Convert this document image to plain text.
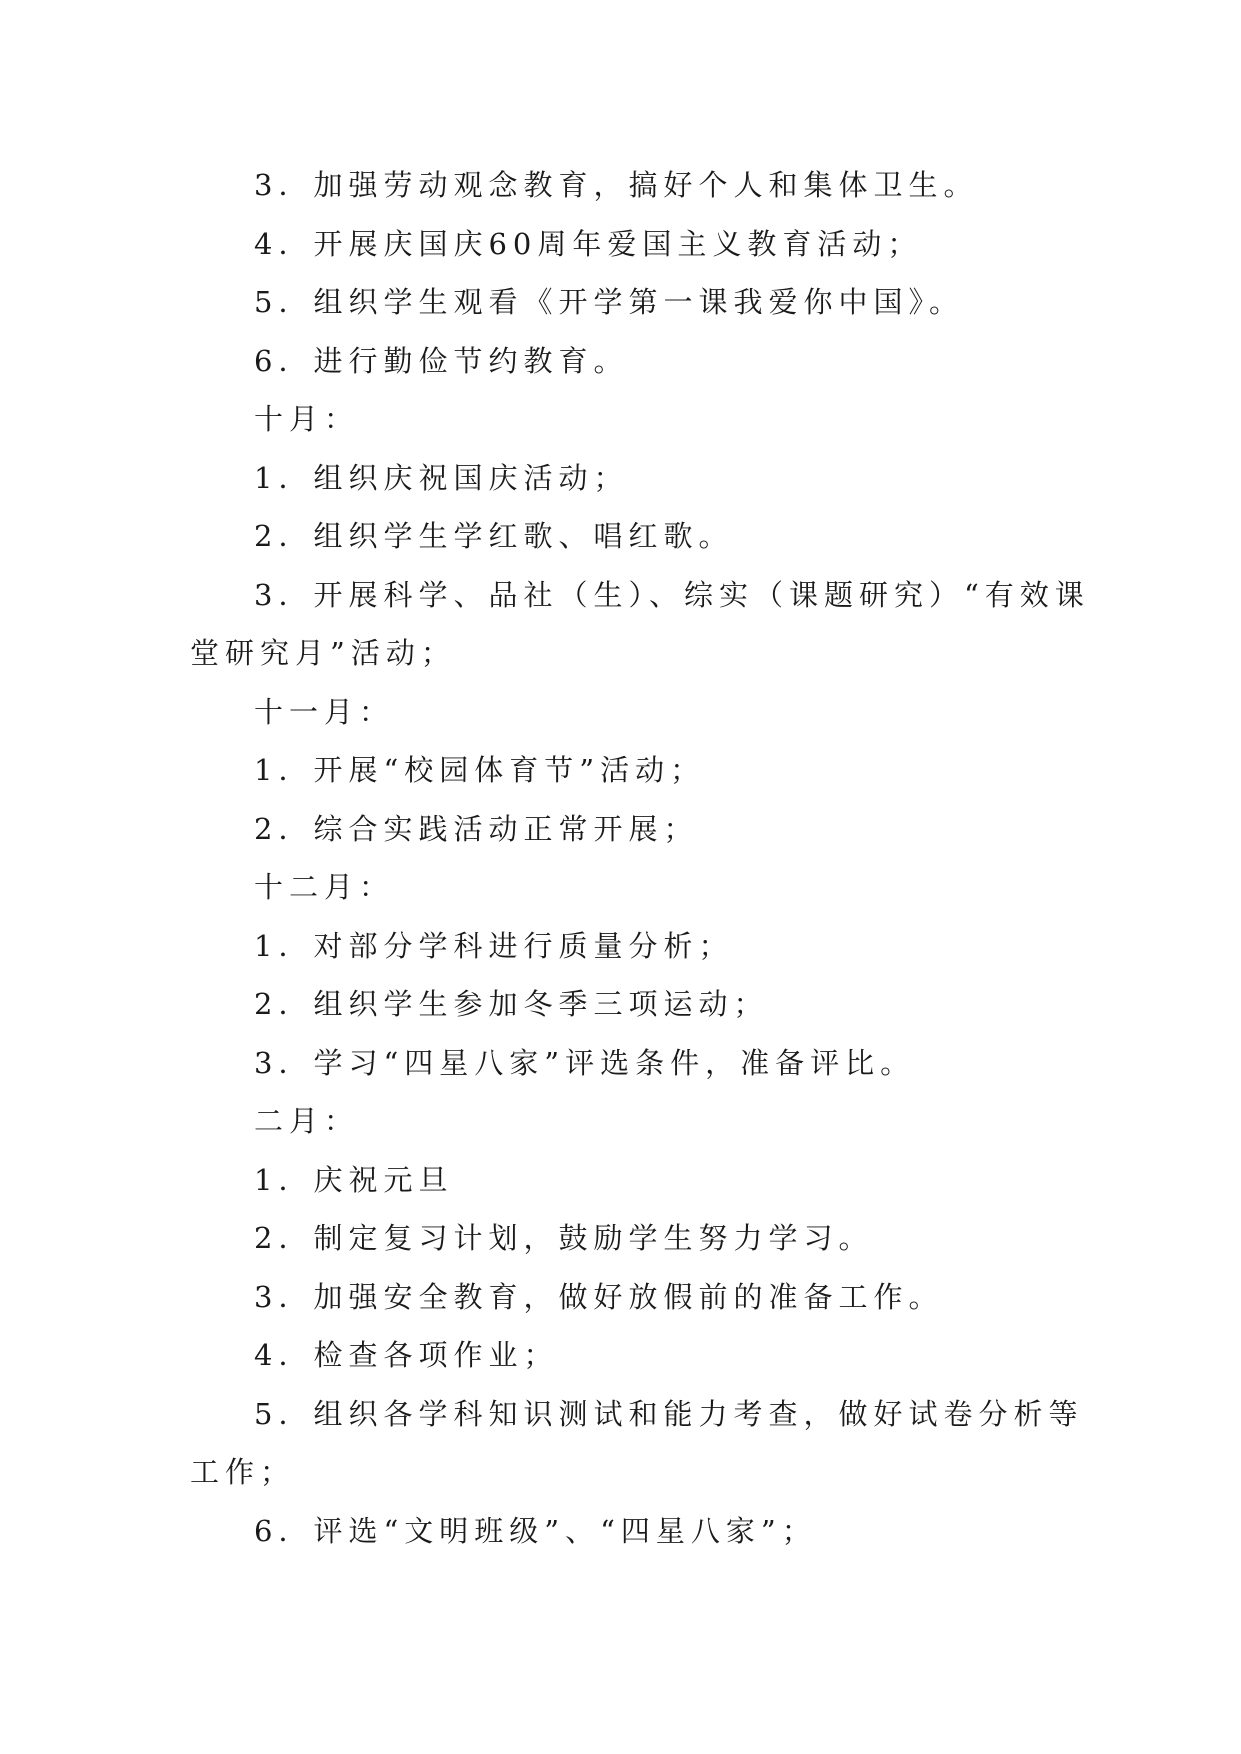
3．加强劳动观念教育，搞好个人和集体卫生。
4．开展庆国庆60周年爱国主义教育活动；
5．组织学生观看《开学第一课我爱你中国》。
6．进行勤俭节约教育。
十月：
1．组织庆祝国庆活动；
2．组织学生学红歌、唱红歌。
3．开展科学、品社（生）、综实（课题研究）“有效课
堂研究月”活动；
十一月：
1．开展“校园体育节”活动；
2．综合实践活动正常开展；
十二月：
1．对部分学科进行质量分析；
2．组织学生参加冬季三项运动；
3．学习“四星八家”评选条件，准备评比。
二月：
1．庆祝元旦
2．制定复习计划，鼓励学生努力学习。
3．加强安全教育，做好放假前的准备工作。
4．检查各项作业；
5．组织各学科知识测试和能力考查，做好试卷分析等
工作；
6．评选“文明班级”、“四星八家”；
